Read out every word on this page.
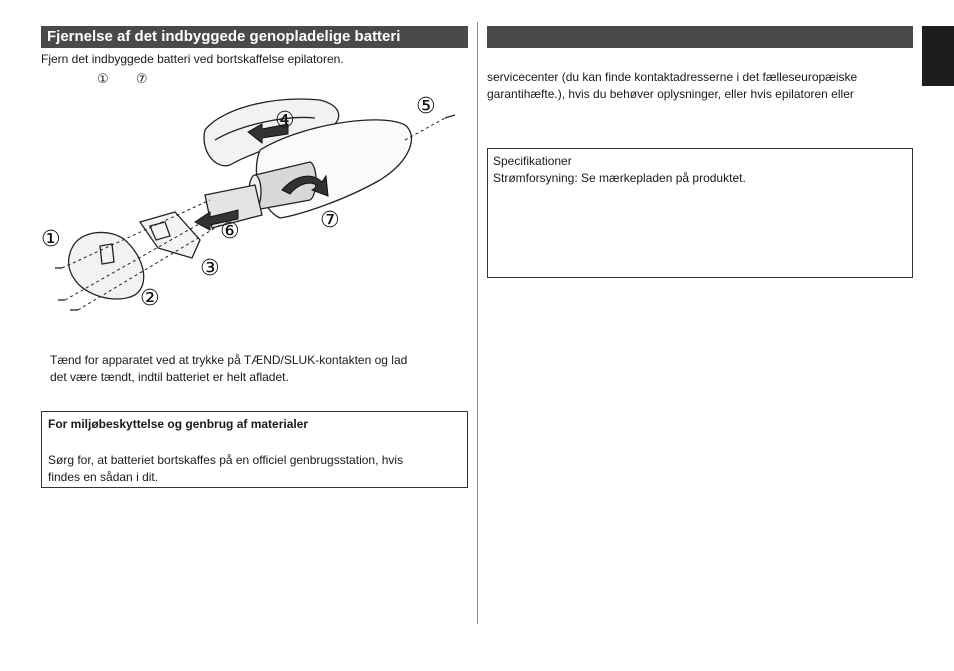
Fjernelse af det indbyggede genopladelige batteri
Fjern det indbyggede batteri ved bortskaffelse epilatoren.
① ⑦
①
②
③
④
⑤
⑥	⑦
Tænd for apparatet ved at trykke på TÆND/SLUK-kontakten og lad
det være tændt, indtil batteriet er helt afladet.
For miljøbeskyttelse og genbrug af materialer
Sørg for, at batteriet bortskaffes på en officiel genbrugsstation, hvis
findes en sådan i dit.
servicecenter (du kan finde kontaktadresserne i det fælleseuropæiske
garantihæfte.), hvis du behøver oplysninger, eller hvis epilatoren eller
Specifikationer
Strømforsyning: Se mærkepladen på produktet.
